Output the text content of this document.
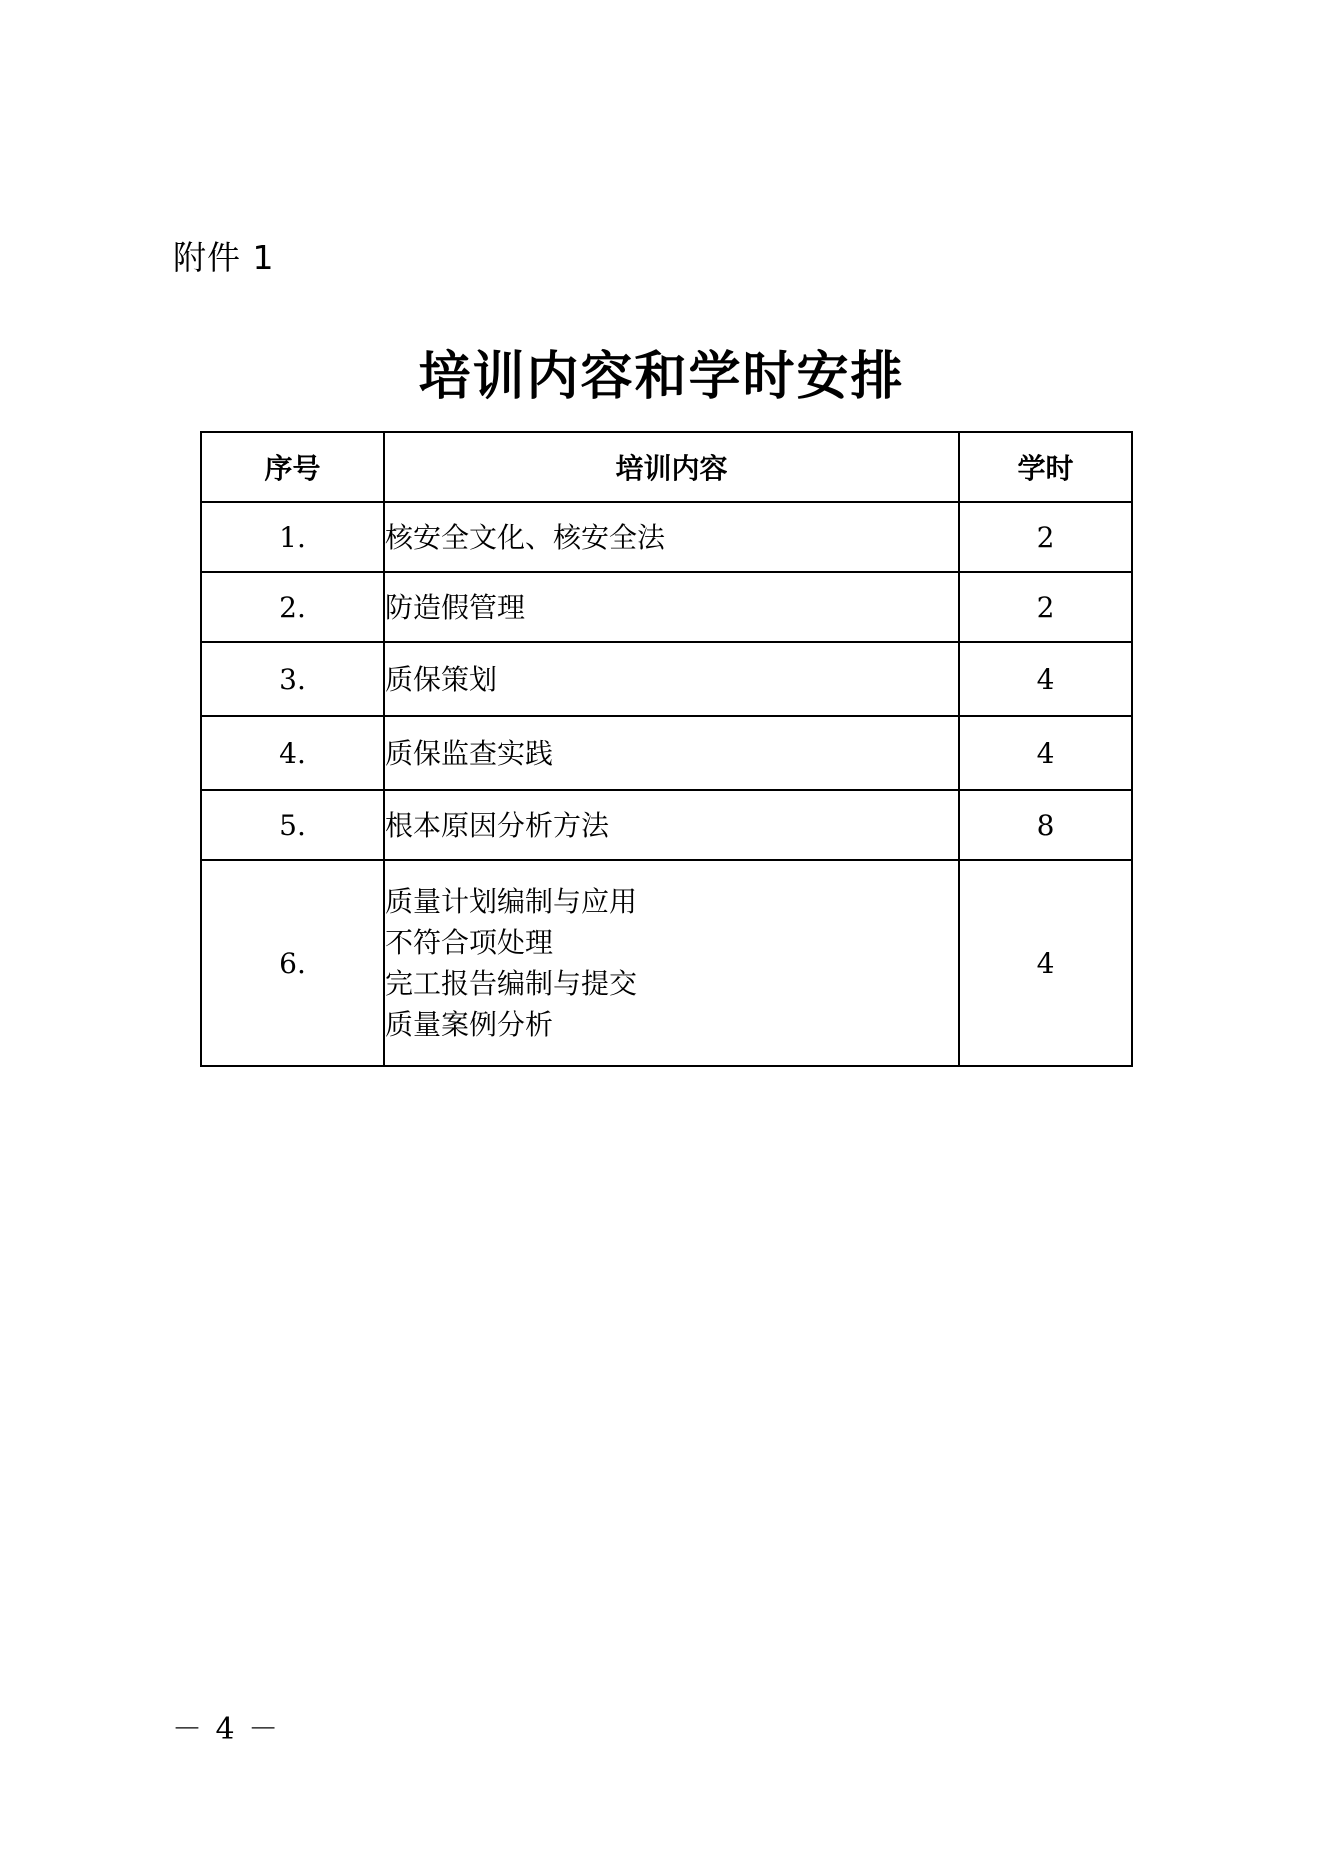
附件 1
培训内容和学时安排
序号	培训内容	学时
1.	核安全文化、核安全法	2
2.	防造假管理	2
3.	质保策划	4
4.	质保监查实践	4
5.	根本原因分析方法	8
6.	质量计划编制与应用
不符合项处理
完工报告编制与提交
质量案例分析	4
－ 4 －
